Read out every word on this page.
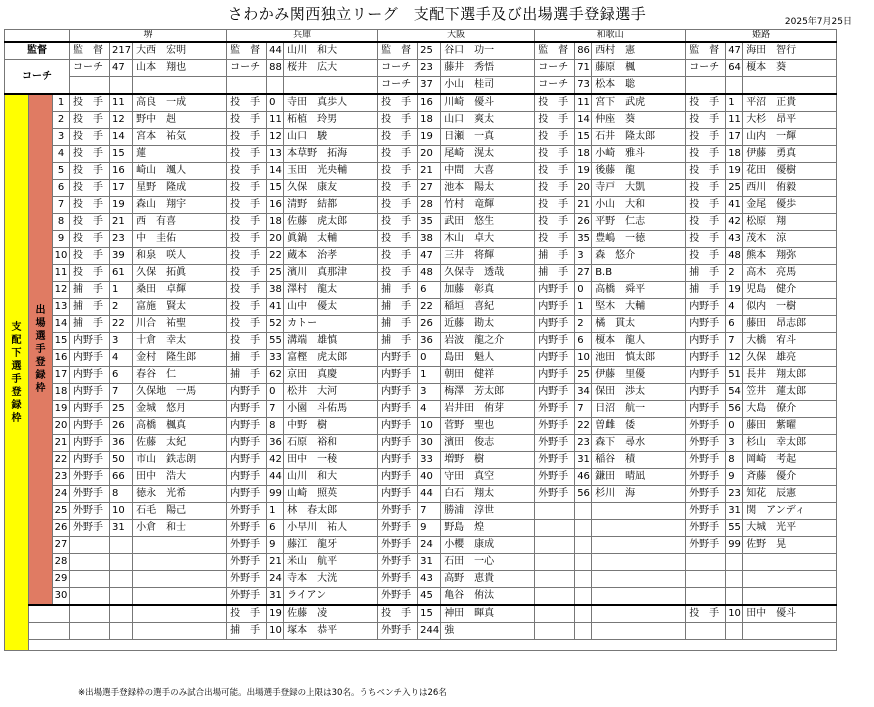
さわかみ関西独立リーグ　支配下選手及び出場選手登録選手	2025年7月25日
			堺			兵庫			大阪			和歌山			姫路		
監督			監　督	217	大西　宏明	監　督	44	山川　和大	監　督	25	谷口　功一	監　督	86	西村　憲	監　督	47	海田　智行
コーチ			コーチ	47	山本　翔也	コーチ	88	桜井　広大	コーチ	23	藤井　秀悟	コーチ	71	藤原　楓	コーチ	64	榎本　葵
									コーチ	37	小山　桂司	コーチ	73	松本　聡			
支配下選手登録枠	出場選手登録枠	1	投　手	11	高良　一成	投　手	0	寺田　真歩人	投　手	16	川崎　優斗	投　手	11	宮下　武虎	投　手	1	平沼　正貴
		2	投　手	12	野中　赳	投　手	11	柘植　玲男	投　手	18	山口　爽太	投　手	14	仲座　葵	投　手	11	大杉　昂平
		3	投　手	14	宮本　祐気	投　手	12	山口　駿	投　手	19	日瀬　一真	投　手	15	石井　隆太郎	投　手	17	山内　一輝
		4	投　手	15	蓮	投　手	13	本草野　拓海	投　手	20	尾崎　滉太	投　手	18	小崎　雅斗	投　手	18	伊藤　勇真
		5	投　手	16	崎山　颯人	投　手	14	玉田　光央輔	投　手	21	中間　大喜	投　手	19	後藤　龍	投　手	19	花田　優樹
		6	投　手	17	星野　隆成	投　手	15	久保　康友	投　手	27	池本　陽太	投　手	20	寺戸　大凱	投　手	25	西川　侑毅
		7	投　手	19	森山　翔宇	投　手	16	清野　結都	投　手	28	竹村　竜輝	投　手	21	小山　大和	投　手	41	金尾　優歩
		8	投　手	21	西　有喜	投　手	18	佐藤　虎太郎	投　手	35	武田　悠生	投　手	26	平野　仁志	投　手	42	松原　翔
		9	投　手	23	中　圭佑	投　手	20	眞鍋　太輔	投　手	38	木山　卓大	投　手	35	豊嶋　一徳	投　手	43	茂木　涼
		10	投　手	39	和泉　咲人	投　手	22	蔵本　治孝	投　手	47	三井　将輝	捕　手	3	森　悠介	投　手	48	熊本　翔弥
		11	投　手	61	久保　拓眞	投　手	25	濱川　真那津	投　手	48	久保寺　透哉	捕　手	27	B.B	捕　手	2	高木　亮馬
		12	捕　手	1	桑田　卓輝	投　手	38	澤村　龍太	捕　手	6	加藤　彰真	内野手	0	高橋　舜平	捕　手	19	児島　健介
		13	捕　手	2	富施　賢太	投　手	41	山中　優太	捕　手	22	稲垣　喜紀	内野手	1	堅木　大輔	内野手	4	似内　一樹
		14	捕　手	22	川合　祐聖	投　手	52	カトー	捕　手	26	近藤　勘太	内野手	2	橘　貫太	内野手	6	藤田　昂志郎
		15	内野手	3	十倉　幸太	投　手	55	溝端　雄慎	捕　手	36	岩波　龍之介	内野手	6	榎本　龍人	内野手	7	大橋　宥斗
		16	内野手	4	金村　隆生郎	捕　手	33	富樫　虎太郎	内野手	0	島田　魁人	内野手	10	池田　慎太郎	内野手	12	久保　雄亮
		17	内野手	6	春谷　仁	捕　手	62	京田　真慶	内野手	1	朝田　健祥	内野手	25	伊藤　里優	内野手	51	長井　翔太郎
		18	内野手	7	久保地　一馬	内野手	0	松井　大河	内野手	3	梅澤　芳太郎	内野手	34	保田　渉太	内野手	54	笠井　蓮太郎
		19	内野手	25	金城　悠月	内野手	7	小園　斗佑馬	内野手	4	岩井田　侑芽	外野手	7	日沼　航一	内野手	56	大島　僚介
		20	内野手	26	高橋　楓真	内野手	8	中野　樹	内野手	10	菅野　聖也	外野手	22	曽雌　倭	外野手	0	藤田　紫曜
		21	内野手	36	佐藤　太紀	内野手	36	石原　裕和	内野手	30	濱田　俊志	外野手	23	森下　尋水	外野手	3	杉山　幸太郎
		22	内野手	50	市山　鉄志朗	内野手	42	田中　一稜	内野手	33	増野　樹	外野手	31	稲谷　積	外野手	8	岡崎　考起
		23	外野手	66	田中　浩大	内野手	44	山川　和大	内野手	40	守田　真空	外野手	46	鎌田　晴凪	外野手	9	斉藤　優介
		24	外野手	8	徳永　光希	内野手	99	山崎　照英	内野手	44	白石　翔太	外野手	56	杉川　海	外野手	23	知花　辰憲
		25	外野手	10	石毛　陽己	外野手	1	林　春太郎	外野手	7	勝浦　淳世				外野手	31	関　アンディ
		26	外野手	31	小倉　和士	外野手	6	小早川　祐人	外野手	9	野島　煌				外野手	55	大城　光平
		27				外野手	9	藤江　龍牙	外野手	24	小櫻　康成				外野手	99	佐野　晃
		28				外野手	21	米山　航平	外野手	31	石田　一心						
		29				外野手	24	寺本　大洸	外野手	43	高野　恵貴						
		30				外野手	31	ライアン	外野手	45	亀谷　侑汰						
						投　手	19	佐藤　凌	投　手	15	神田　暉真				投　手	10	田中　優斗
						捕　手	10	塚本　恭平	外野手	244	強						

※出場選手登録枠の選手のみ試合出場可能。出場選手登録の上限は30名。うちベンチ入りは26名
